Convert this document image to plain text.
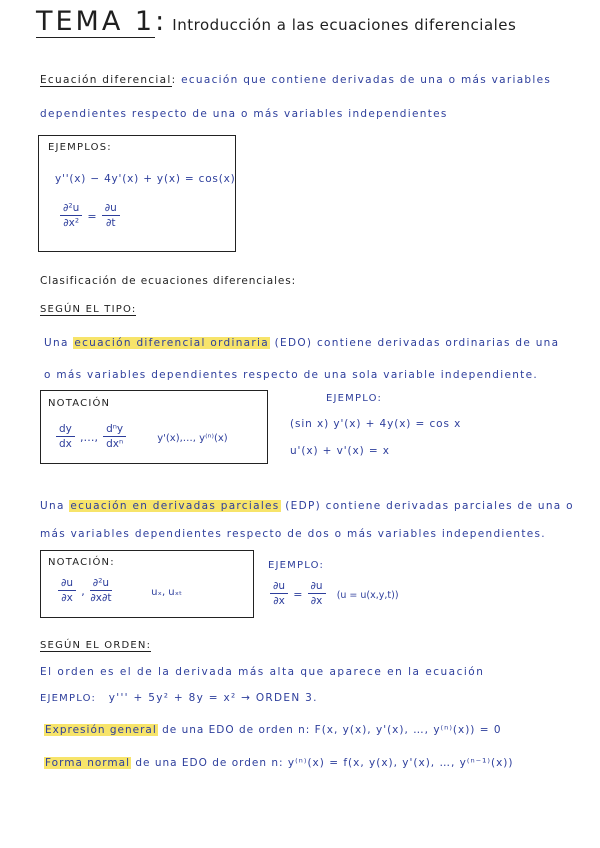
TEMA 1: Introducción a las ecuaciones diferenciales
Ecuación diferencial: ecuación que contiene derivadas de una o más variables
dependientes respecto de una o más variables independientes
EJEMPLOS:
y''(x) − 4y'(x) + y(x) = cos(x)
$\frac{\text{∂²u}}{\text{∂x²}} = \frac{\partial u}{\partial t}$
Clasificación de ecuaciones diferenciales:
SEGÚN EL TIPO:
Una ecuación diferencial ordinaria (EDO) contiene derivadas ordinarias de una
o más variables dependientes respecto de una sola variable independiente.
NOTACIÓN
$\frac{dy}{dx}$ ,…, $\frac{\text{dⁿy}}{\text{dxⁿ}}$	y'(x),…, y⁽ⁿ⁾(x)
EJEMPLO:
(sin x) y'(x) + 4y(x) = cos x
u'(x) + v'(x) = x
Una ecuación en derivadas parciales (EDP) contiene derivadas parciales de una o
más variables dependientes respecto de dos o más variables independientes.
NOTACIÓN:
$\frac{\partial u}{\partial x}$ , $\frac{\text{∂²u}}{\partial x\partial t}$	uₓ, uₓₜ
EJEMPLO:
$\frac{\partial u}{\partial x} = \frac{\partial u}{\partial x} (u = u(x,y,t))$
SEGÚN EL ORDEN:
El orden es el de la derivada más alta que aparece en la ecuación
EJEMPLO: y''' + 5y² + 8y = x² → ORDEN 3.
Expresión general de una EDO de orden n: F(x, y(x), y'(x), …, y⁽ⁿ⁾(x)) = 0
Forma normal de una EDO de orden n: y⁽ⁿ⁾(x) = f(x, y(x), y'(x), …, y⁽ⁿ⁻¹⁾(x))
